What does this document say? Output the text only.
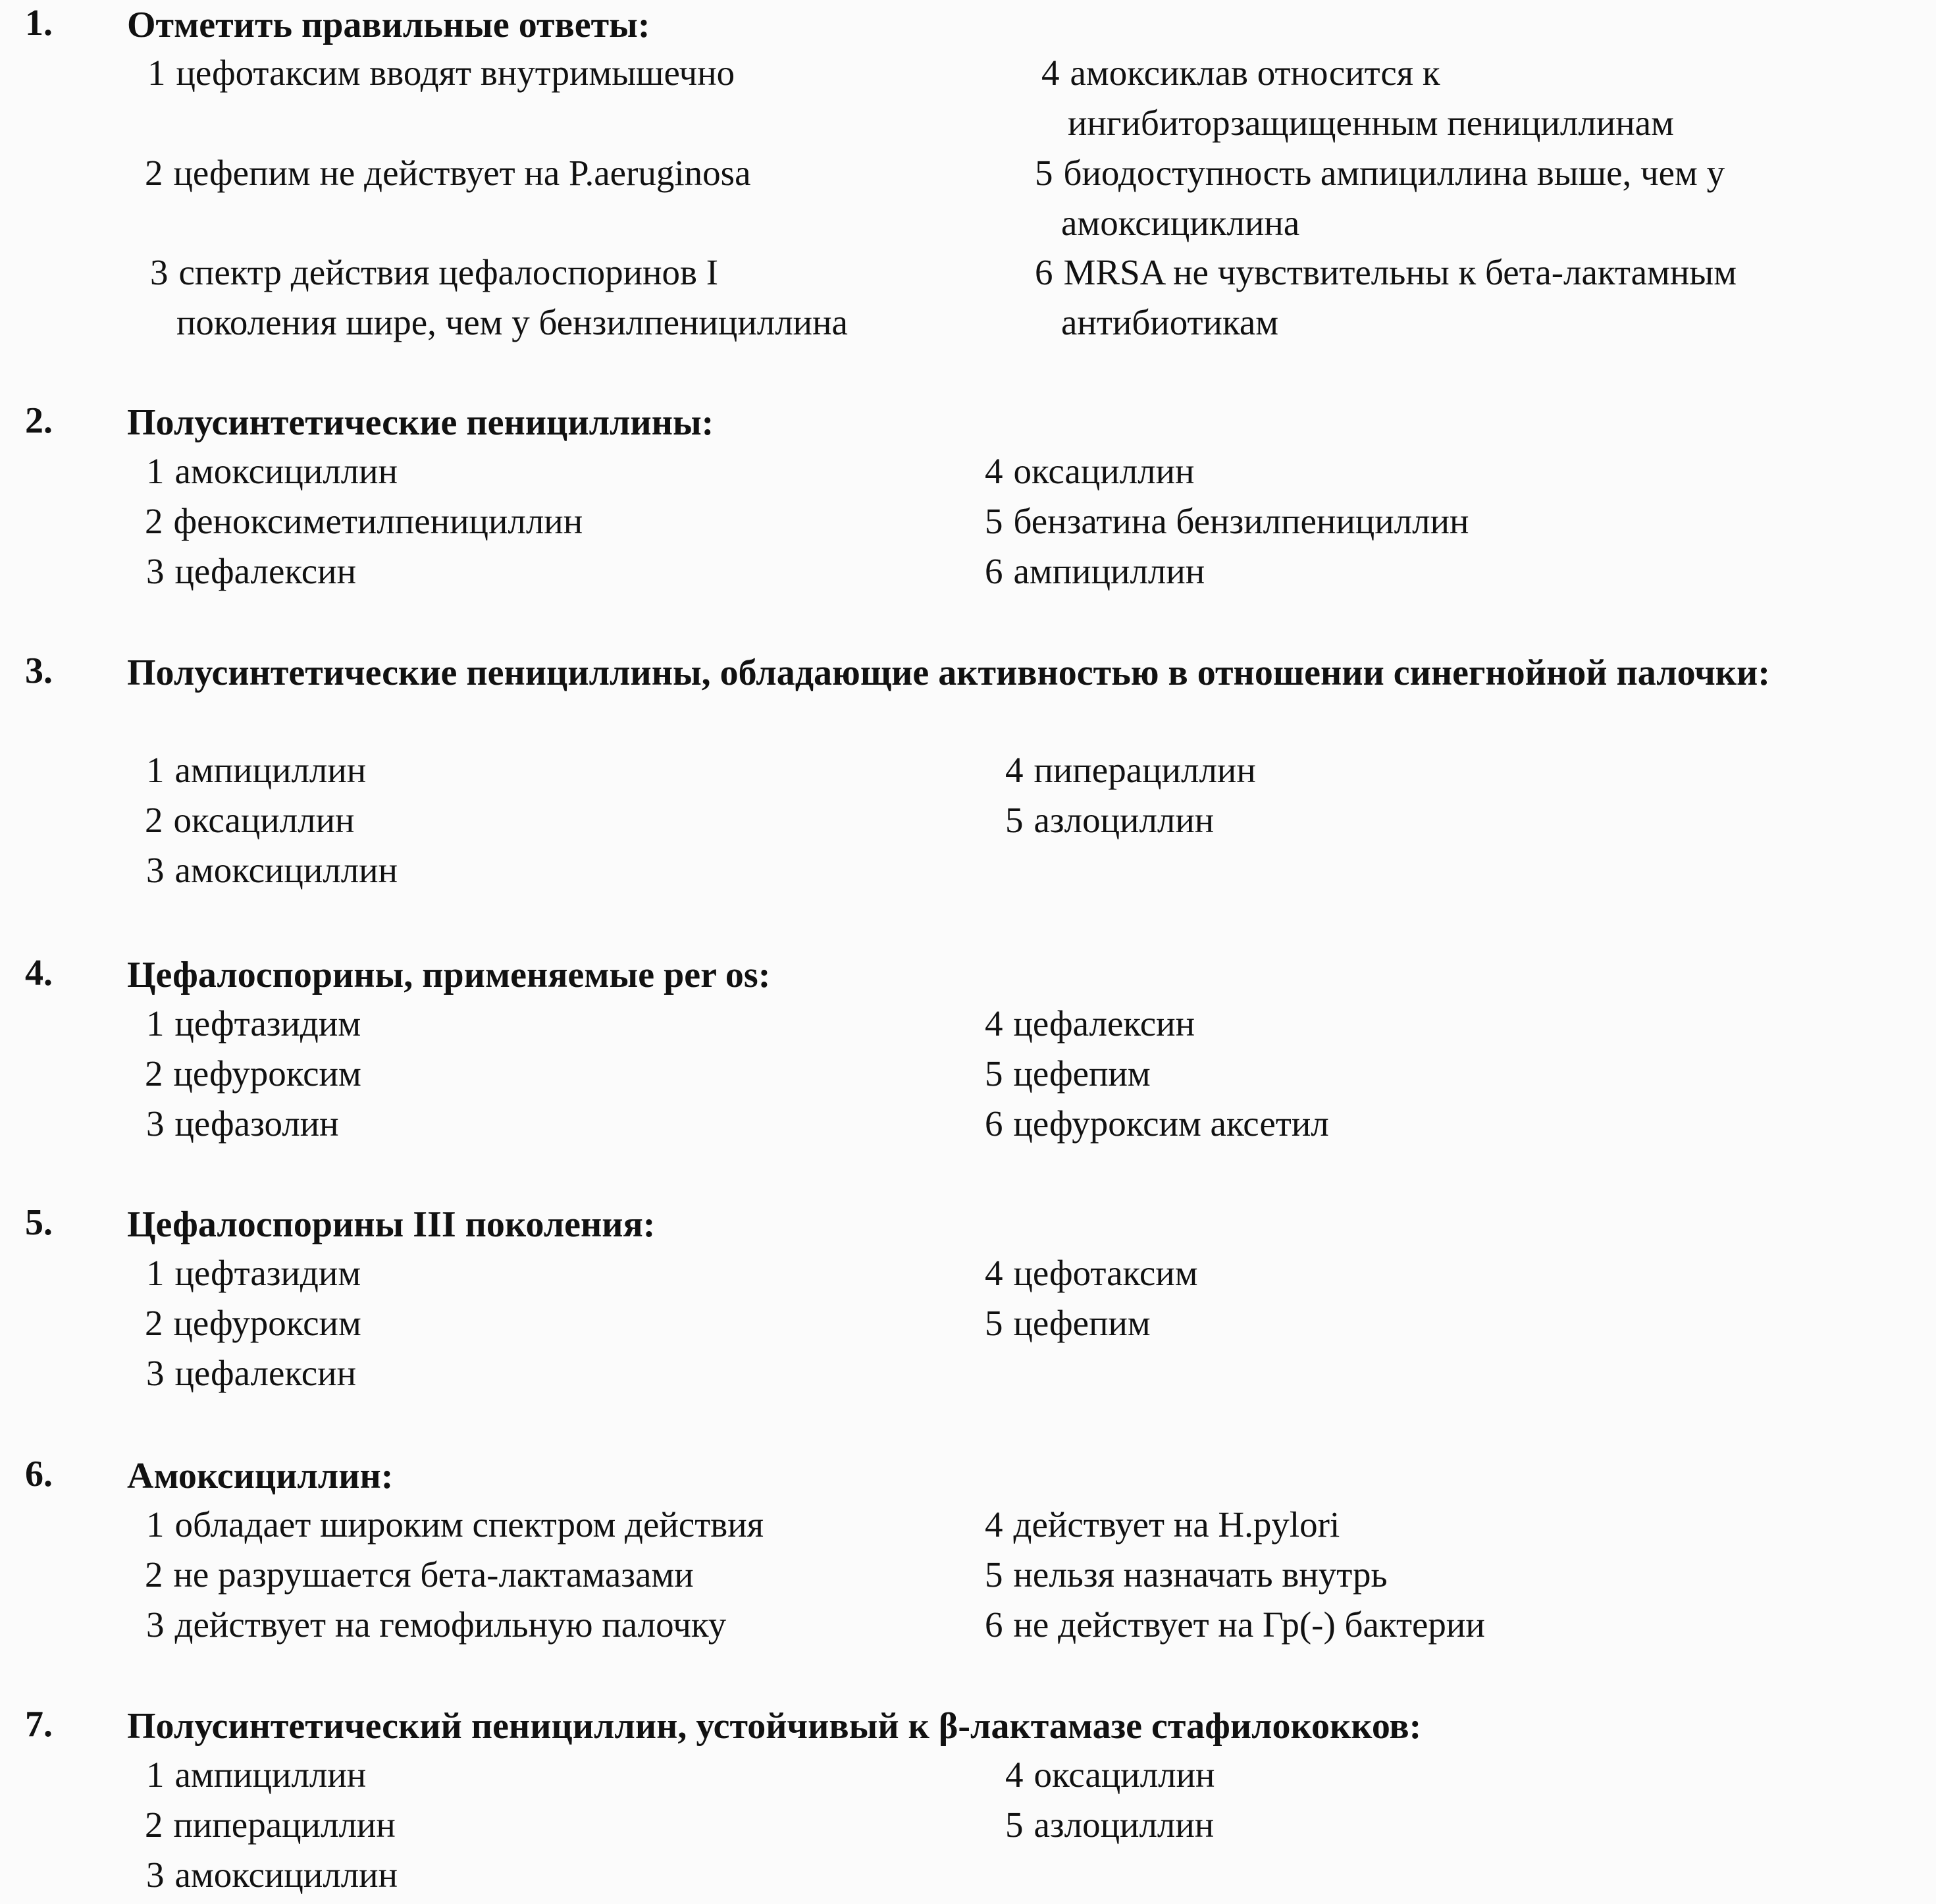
1. Отметить правильные ответы:

1 цефотаксим вводят внутримышечно
2 цефепим не действует на P.aeruginosa
3 спектр действия цефалоспоринов I
поколения шире, чем у бензилпенициллина
4 амоксиклав относится к
ингибиторзащищенным пенициллинам
5 биодоступность ампициллина выше, чем у
амоксициклина
6 MRSA не чувствительны к бета-лактамным
антибиотикам
2. Полусинтетические пенициллины:

1 амоксициллин
2 феноксиметилпенициллин
3 цефалексин
4 оксациллин
5 бензатина бензилпенициллин
6 ампициллин
3. Полусинтетические пенициллины, обладающие активностью в отношении синегнойной палочки:

1 ампициллин
2 оксациллин
3 амоксициллин
4 пиперациллин
5 азлоциллин
4. Цефалоспорины, применяемые per os:

1 цефтазидим
2 цефуроксим
3 цефазолин
4 цефалексин
5 цефепим
6 цефуроксим аксетил
5. Цефалоспорины III поколения:

1 цефтазидим
2 цефуроксим
3 цефалексин
4 цефотаксим
5 цефепим
6. Амоксициллин:

1 обладает широким спектром действия
2 не разрушается бета-лактамазами
3 действует на гемофильную палочку
4 действует на H.pylori
5 нельзя назначать внутрь
6 не действует на Гр(-) бактерии
7. Полусинтетический пенициллин, устойчивый к β-лактамазе стафилококков:

1 ампициллин
2 пиперациллин
3 амоксициллин
4 оксациллин
5 азлоциллин
